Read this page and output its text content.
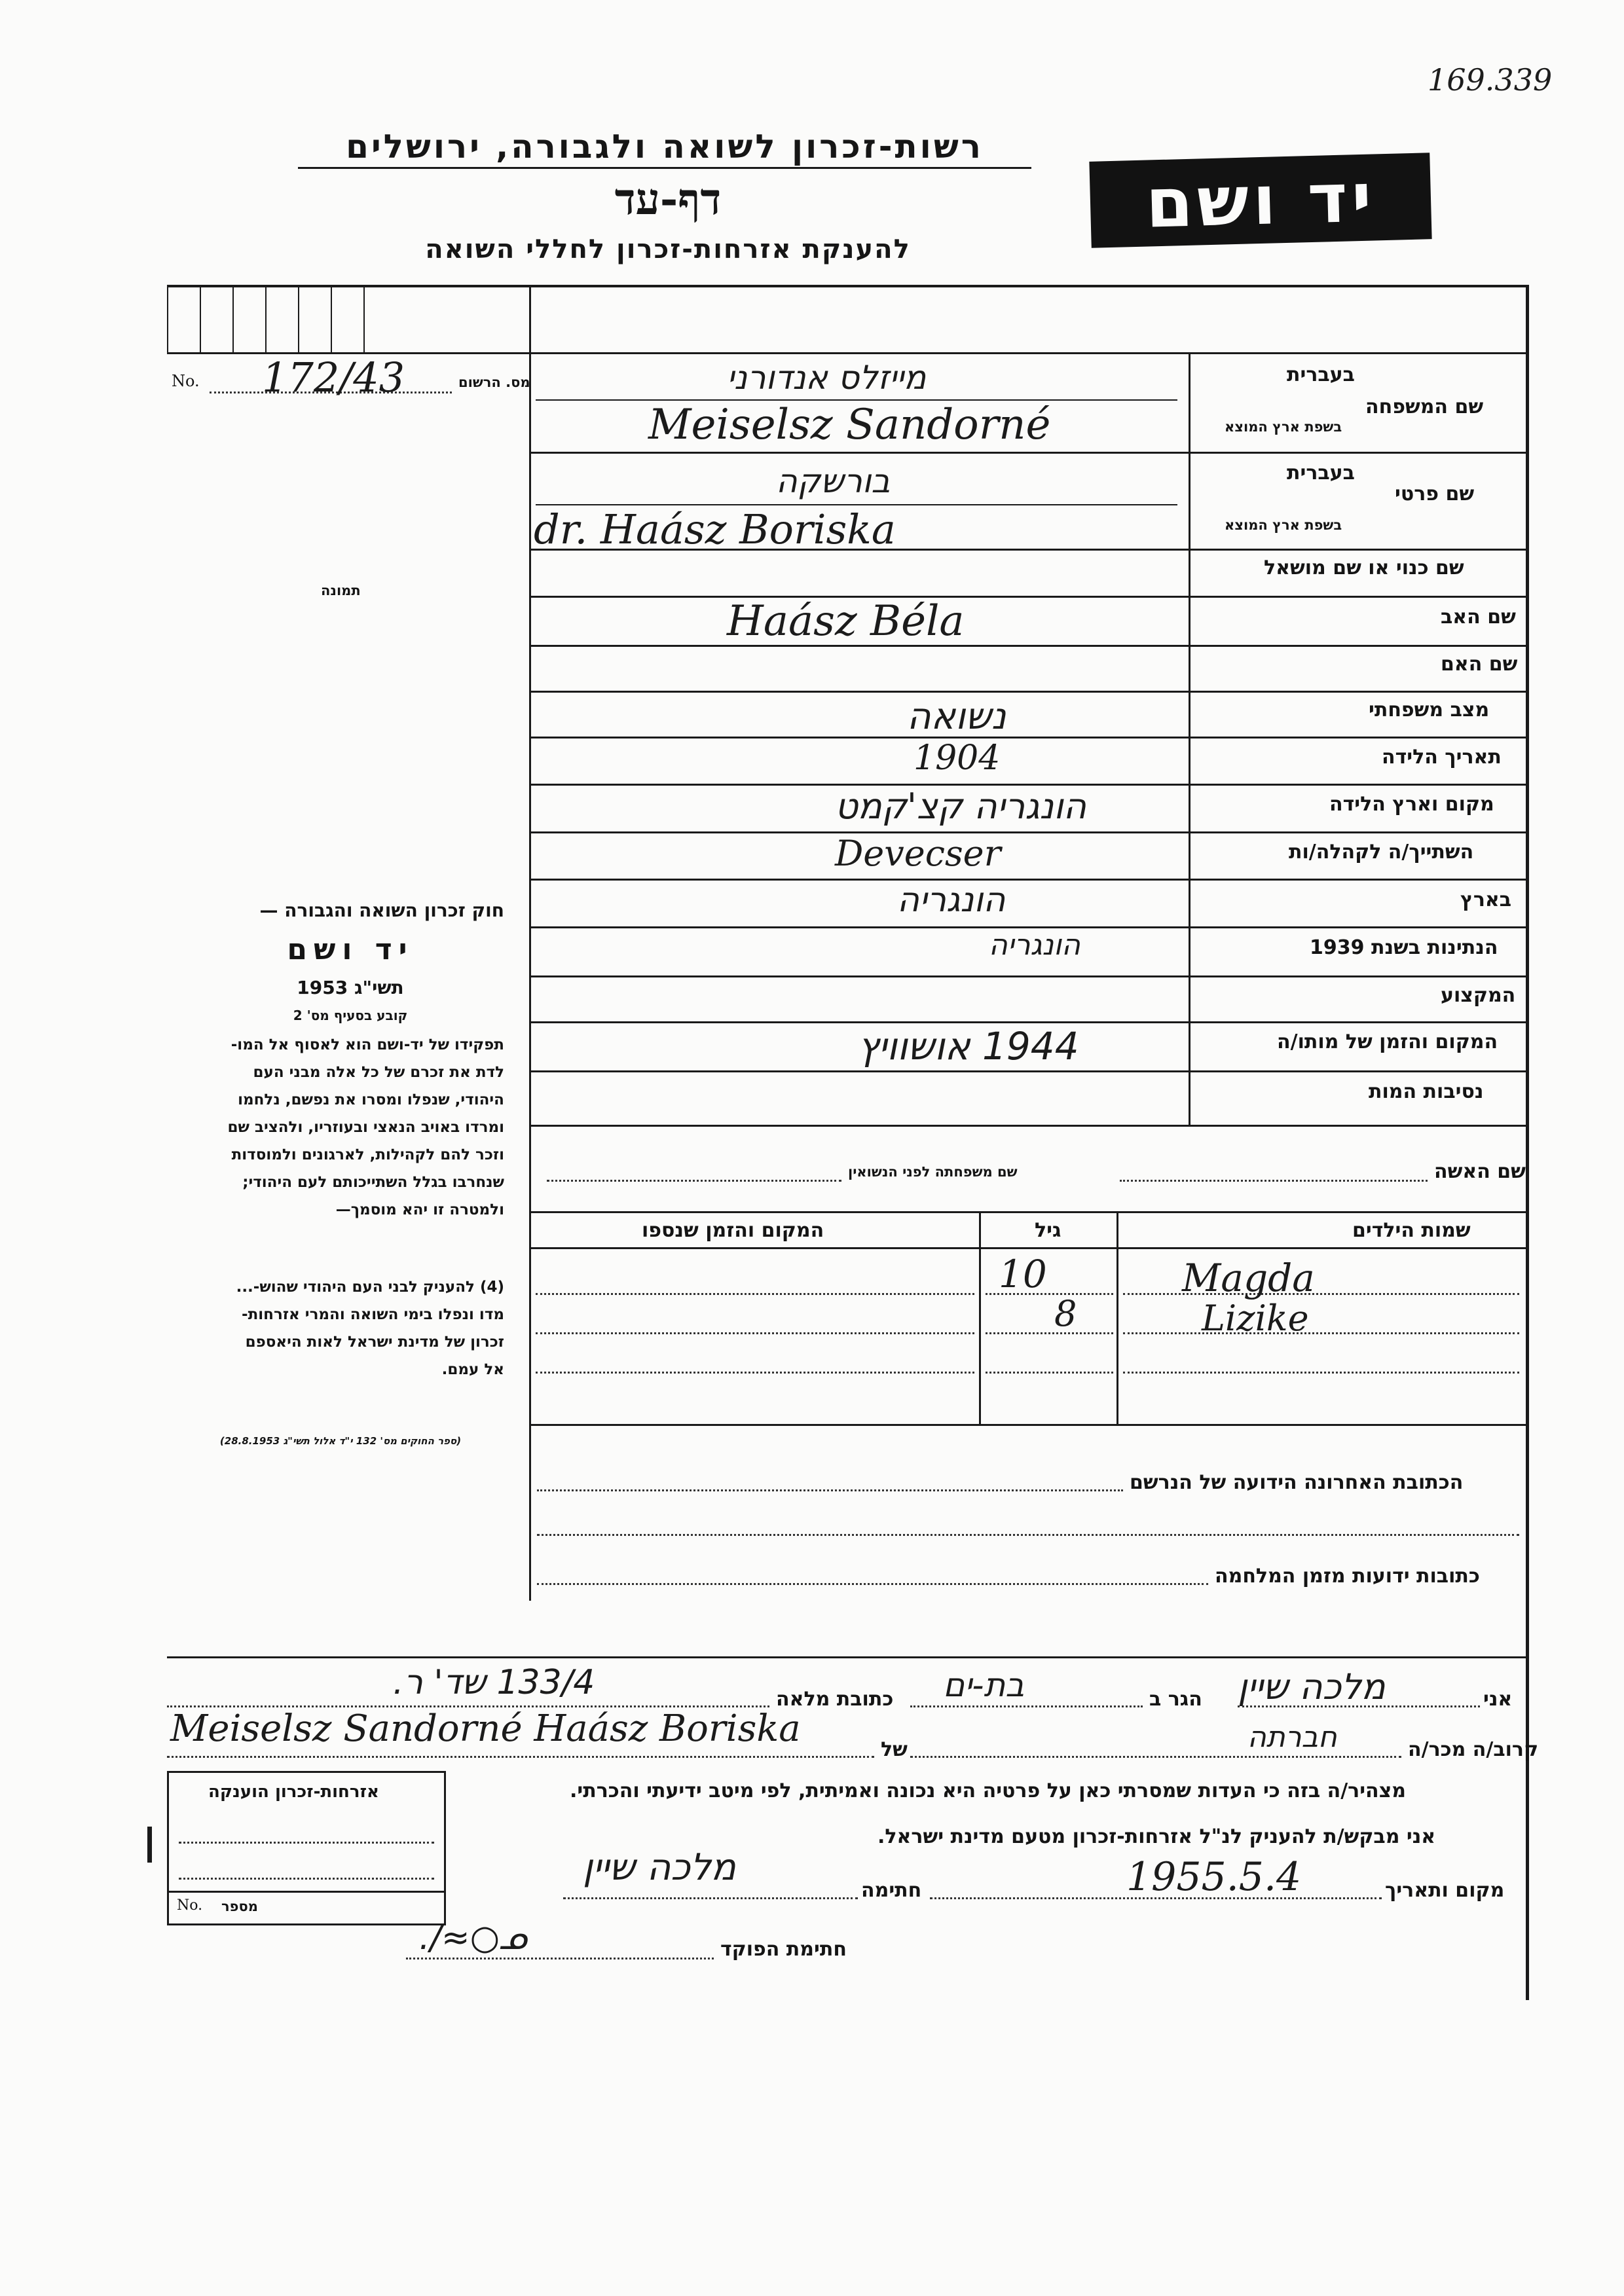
169.339
רשות-זכרון לשואה ולגבורה, ירושלים
דף-עד
להענקת אזרחות-זכרון לחללי השואה
יד ושם
מס. הרשום
No. 172/43
תמונה
שם המשפחה
בעברית
בשפת ארץ המוצא
מייזלס אנדורני
Meiselsz Sandorné
שם פרטי
בעברית
בשפת ארץ המוצא
בורשקה
dr. Haász Boriska
שם כנוי או שם מושאל
שם האב
Haász Béla
שם האם
מצב משפחתי
נשואה
תאריך הלידה
1904
מקום וארץ הלידה
הונגריה קצ'קמט
השתייך/ה לקהלה/ות
Devecser
בארץ
הונגריה
הנתינות בשנת 1939
הונגריה
המקצוע
המקום והזמן של מותו/ה
1944 אושוויץ
נסיבות המות
שם האשה
שם משפחתה לפני הנשואין
שמות הילדים
גיל
המקום והזמן שנספו
Magda
10
Lizike
8
הכתובת האחרונה הידועה של הנרשם
כתובות ידועות מזמן המלחמה
אני
מלכה שיין
הגר ב
בת-ים
כתובת מלאה
133/4 שד' ר.
קרוב/ה מכר/ה
חברתה
של
Meiselsz Sandorné Haász Boriska
מצהיר/ה בזה כי העדות שמסרתי כאן על פרטיה היא נכונה ואמיתית, לפי מיטב ידיעתי והכרתי.
אני מבקש/ת להעניק לנ"ל אזרחות-זכרון מטעם מדינת ישראל.
מקום ותאריך
1955.5.4
חתימה
מלכה שיין
חתימת הפוקד
ᓄ○≈/.
אזרחות-זכרון הוענקה
No. מספר
חוק זכרון השואה והגבורה —
יד ושם
תשי"ג 1953
קובע בסעיף מס' 2
תפקידו של יד-ושם הוא לאסוף אל המו-
לדת את זכרם של כל אלה מבני העם
היהודי, שנפלו ומסרו את נפשם, נלחמו
ומרדו באויב הנאצי ובעוזריו, ולהציב שם
וזכר להם לקהילות, לארגונים ולמוסדות
שנחרבו בגלל השתייכותם לעם היהודי;
ולמטרה זו יהא מוסמך—
(4) להעניק לבני העם היהודי שהוש-...
מדו ונפלו בימי השואה והמרי אזרחות-
זכרון של מדינת ישראל לאות היאספם
אל עמם.
(ספר החוקים מס' 132 י"ד אלול תשי"ג 28.8.1953)
